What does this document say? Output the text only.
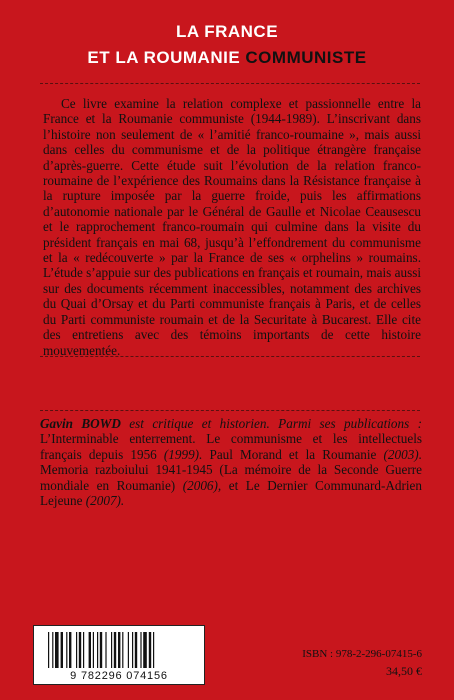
LA FRANCE
ET LA ROUMANIE COMMUNISTE

Ce livre examine la relation complexe et passionnelle entre la France et la Roumanie communiste (1944-1989). L’inscrivant dans l’histoire non seulement de « l’amitié franco-roumaine », mais aussi dans celles du communisme et de la politique étrangère française d’après-guerre. Cette étude suit l’évolution de la relation franco-roumaine de l’expérience des Roumains dans la Résistance française à la rupture imposée par la guerre froide, puis les affirmations d’autonomie nationale par le Général de Gaulle et Nicolae Ceausescu et le rapprochement franco-roumain qui culmine dans la visite du président français en mai 68, jusqu’à l’effondrement du communisme et la « redécouverte » par la France de ses « orphelins » roumains. L’étude s’appuie sur des publications en français et roumain, mais aussi sur des documents récemment inaccessibles, notamment des archives du Quai d’Orsay et du Parti communiste français à Paris, et de celles du Parti communiste roumain et de la Securitate à Bucarest. Elle cite des entretiens avec des témoins importants de cette histoire mouvementée.

Gavin BOWD est critique et historien. Parmi ses publications : L’Interminable enterrement. Le communisme et les intellectuels français depuis 1956 (1999). Paul Morand et la Roumanie (2003). Memoria razboiului 1941-1945 (La mémoire de la Seconde Guerre mondiale en Roumanie) (2006), et Le Dernier Communard-Adrien Lejeune (2007).
9 782296 074156
ISBN : 978-2-296-07415-6
34,50 €
